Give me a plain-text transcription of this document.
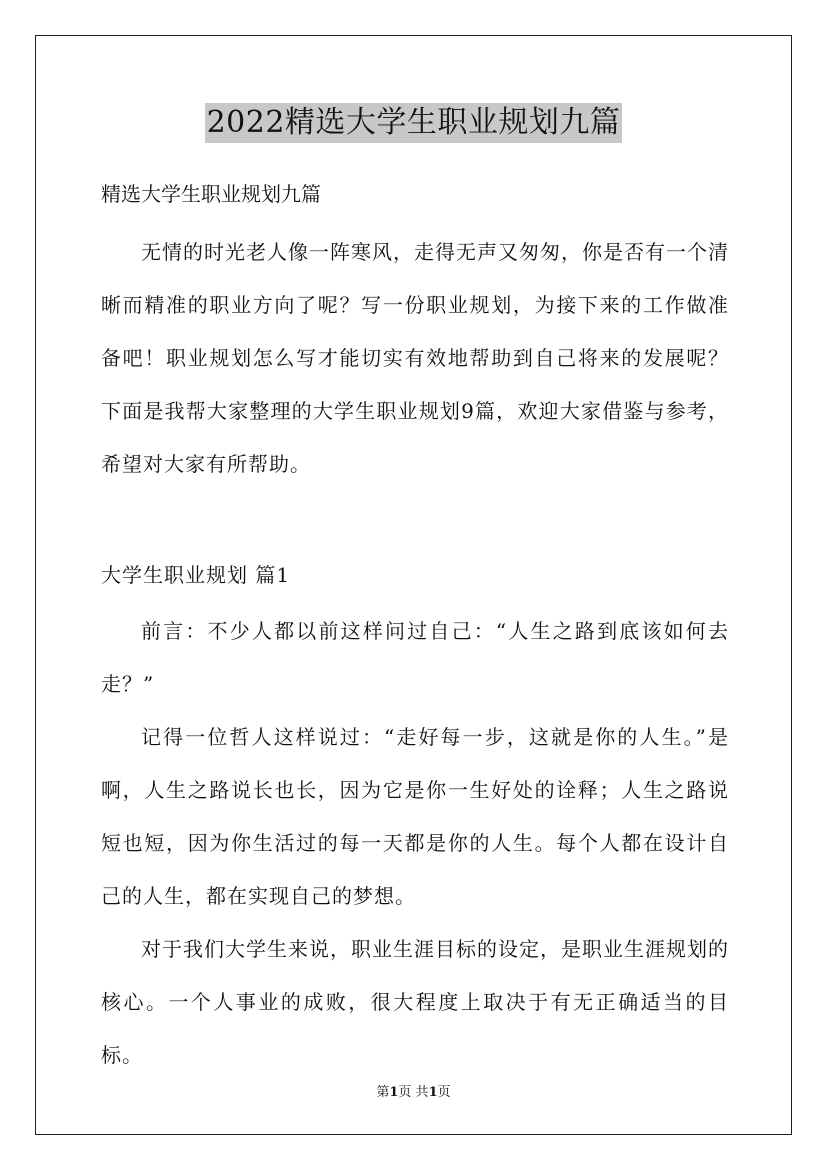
2022精选大学生职业规划九篇

精选大学生职业规划九篇

无情的时光老人像一阵寒风，走得无声又匆匆，你是否有一个清晰而精准的职业方向了呢？写一份职业规划，为接下来的工作做准备吧！职业规划怎么写才能切实有效地帮助到自己将来的发展呢？下面是我帮大家整理的大学生职业规划9篇，欢迎大家借鉴与参考，希望对大家有所帮助。

大学生职业规划 篇1

前言：不少人都以前这样问过自己：“人生之路到底该如何去走？”

记得一位哲人这样说过：“走好每一步，这就是你的人生。”是啊，人生之路说长也长，因为它是你一生好处的诠释；人生之路说短也短，因为你生活过的每一天都是你的人生。每个人都在设计自己的人生，都在实现自己的梦想。

对于我们大学生来说，职业生涯目标的设定，是职业生涯规划的核心。一个人事业的成败，很大程度上取决于有无正确适当的目标。

第1页 共1页
